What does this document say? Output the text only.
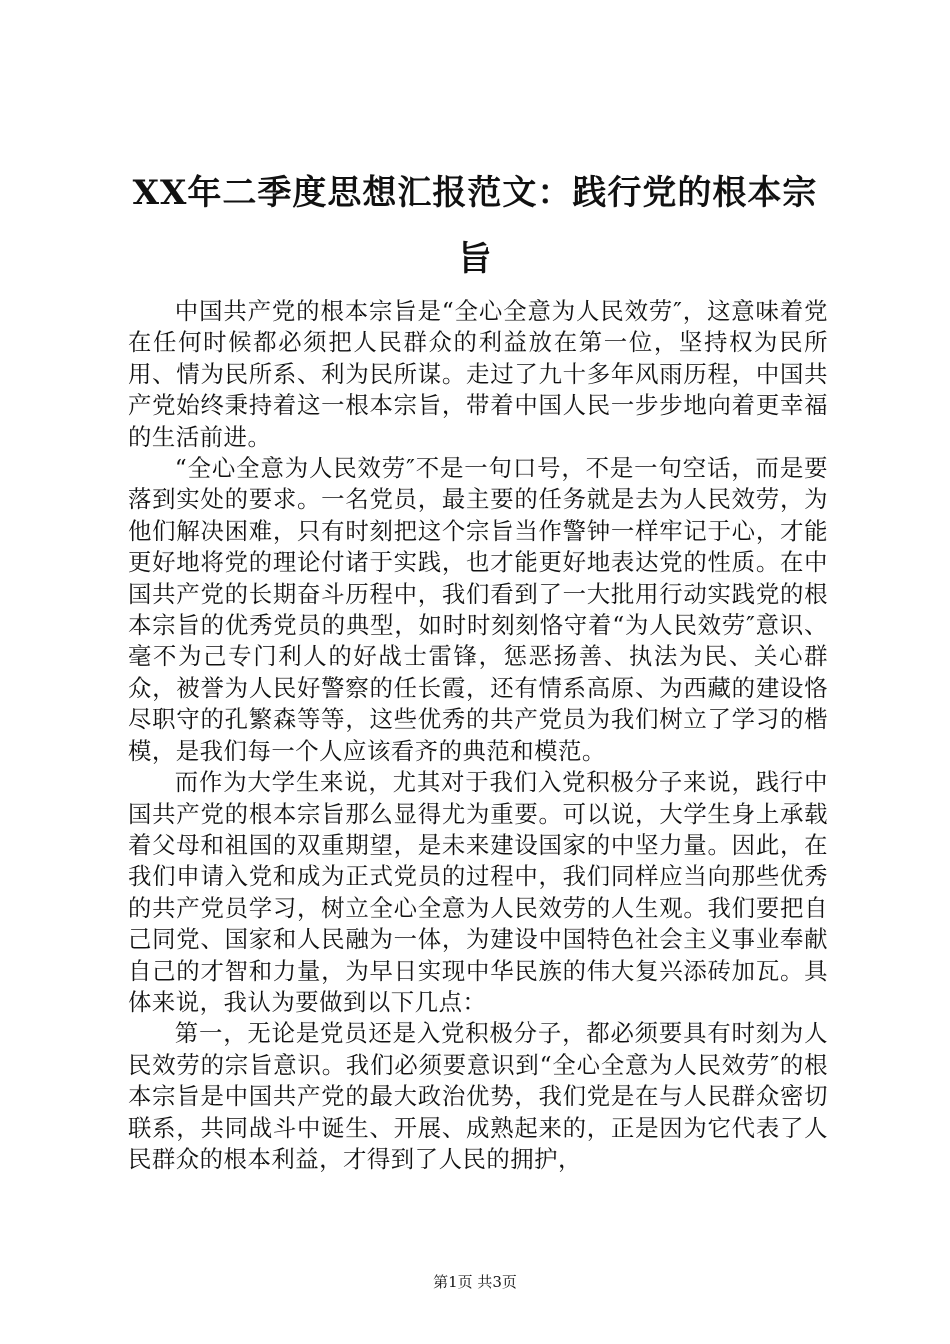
XX年二季度思想汇报范文：践行党的根本宗旨

中国共产党的根本宗旨是“全心全意为人民效劳″，这意味着党在任何时候都必须把人民群众的利益放在第一位，坚持权为民所用、情为民所系、利为民所谋。走过了九十多年风雨历程，中国共产党始终秉持着这一根本宗旨，带着中国人民一步步地向着更幸福的生活前进。

“全心全意为人民效劳″不是一句口号，不是一句空话，而是要落到实处的要求。一名党员，最主要的任务就是去为人民效劳，为他们解决困难，只有时刻把这个宗旨当作警钟一样牢记于心，才能更好地将党的理论付诸于实践，也才能更好地表达党的性质。在中国共产党的长期奋斗历程中，我们看到了一大批用行动实践党的根本宗旨的优秀党员的典型，如时时刻刻恪守着“为人民效劳″意识、毫不为己专门利人的好战士雷锋，惩恶扬善、执法为民、关心群众，被誉为人民好警察的任长霞，还有情系高原、为西藏的建设恪尽职守的孔繁森等等，这些优秀的共产党员为我们树立了学习的楷模，是我们每一个人应该看齐的典范和模范。

而作为大学生来说，尤其对于我们入党积极分子来说，践行中国共产党的根本宗旨那么显得尤为重要。可以说，大学生身上承载着父母和祖国的双重期望，是未来建设国家的中坚力量。因此，在我们申请入党和成为正式党员的过程中，我们同样应当向那些优秀的共产党员学习，树立全心全意为人民效劳的人生观。我们要把自己同党、国家和人民融为一体，为建设中国特色社会主义事业奉献自己的才智和力量，为早日实现中华民族的伟大复兴添砖加瓦。具体来说，我认为要做到以下几点：

第一，无论是党员还是入党积极分子，都必须要具有时刻为人民效劳的宗旨意识。我们必须要意识到“全心全意为人民效劳″的根本宗旨是中国共产党的最大政治优势，我们党是在与人民群众密切联系，共同战斗中诞生、开展、成熟起来的，正是因为它代表了人民群众的根本利益，才得到了人民的拥护，

第1页 共3页
